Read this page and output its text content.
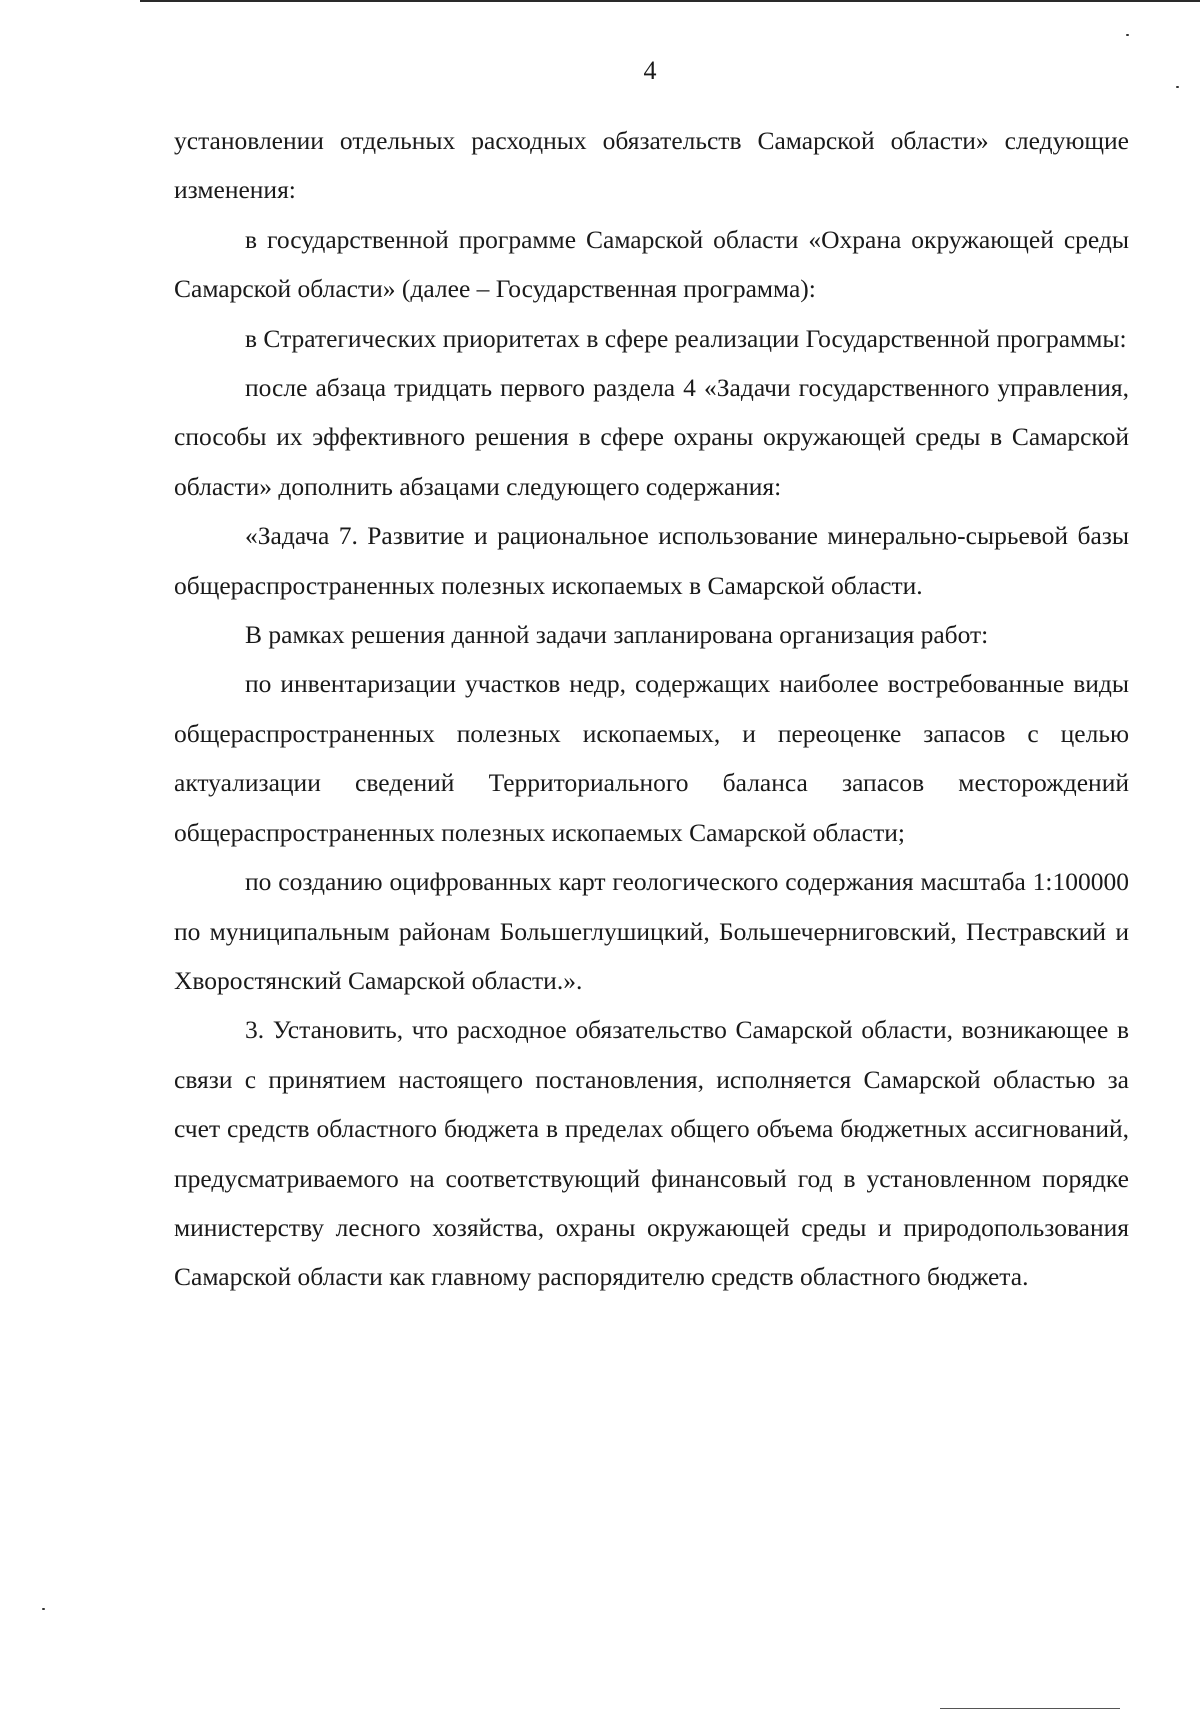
4

установлении отдельных расходных обязательств Самарской области» следующие изменения:

в государственной программе Самарской области «Охрана окружающей среды Самарской области» (далее – Государственная программа):

в Стратегических приоритетах в сфере реализации Государственной программы:

после абзаца тридцать первого раздела 4 «Задачи государственного управления, способы их эффективного решения в сфере охраны окружающей среды в Самарской области» дополнить абзацами следующего содержания:

«Задача 7. Развитие и рациональное использование минерально-сырьевой базы общераспространенных полезных ископаемых в Самарской области.

В рамках решения данной задачи запланирована организация работ:

по инвентаризации участков недр, содержащих наиболее востребованные виды общераспространенных полезных ископаемых, и переоценке запасов с целью актуализации сведений Территориального баланса запасов месторождений общераспространенных полезных ископаемых Самарской области;

по созданию оцифрованных карт геологического содержания масштаба 1:100000 по муниципальным районам Большеглушицкий, Большечерниговский, Пестравский и Хворостянский Самарской области.».

3. Установить, что расходное обязательство Самарской области, возникающее в связи с принятием настоящего постановления, исполняется Самарской областью за счет средств областного бюджета в пределах общего объема бюджетных ассигнований, предусматриваемого на соответствующий финансовый год в установленном порядке министерству лесного хозяйства, охраны окружающей среды и природопользования Самарской области как главному распорядителю средств областного бюджета.
